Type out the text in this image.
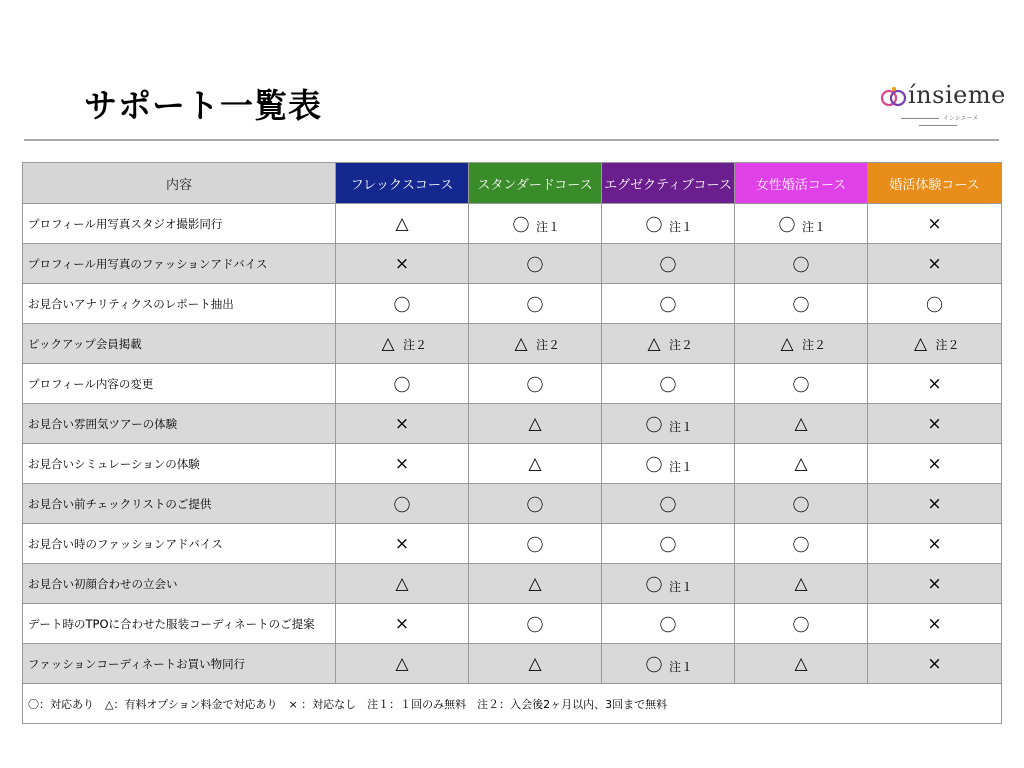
サポート一覧表	ínsieme
インシエーメ
内容	フレックスコース	スタンダードコース	エグゼクティブコース	女性婚活コース	婚活体験コース
プロフィール用写真スタジオ撮影同行	△	〇 注１	〇 注１	〇 注１	×
プロフィール用写真のファッションアドバイス	×	〇	〇	〇	×
お見合いアナリティクスのレポート抽出	〇	〇	〇	〇	〇
ピックアップ会員掲載	△ 注２	△ 注２	△ 注２	△ 注２	△ 注２
プロフィール内容の変更	〇	〇	〇	〇	×
お見合い雰囲気ツアーの体験	×	△	〇 注１	△	×
お見合いシミュレーションの体験	×	△	〇 注１	△	×
お見合い前チェックリストのご提供	〇	〇	〇	〇	×
お見合い時のファッションアドバイス	×	〇	〇	〇	×
お見合い初顔合わせの立会い	△	△	〇 注１	△	×
デート時のTPOに合わせた服装コーディネートのご提案	×	〇	〇	〇	×
ファッションコーディネートお買い物同行	△	△	〇 注１	△	×
〇：対応あり　△：有料オプション料金で対応あり　× ：対応なし　注１：１回のみ無料　注２：入会後2ヶ月以内、3回まで無料					
